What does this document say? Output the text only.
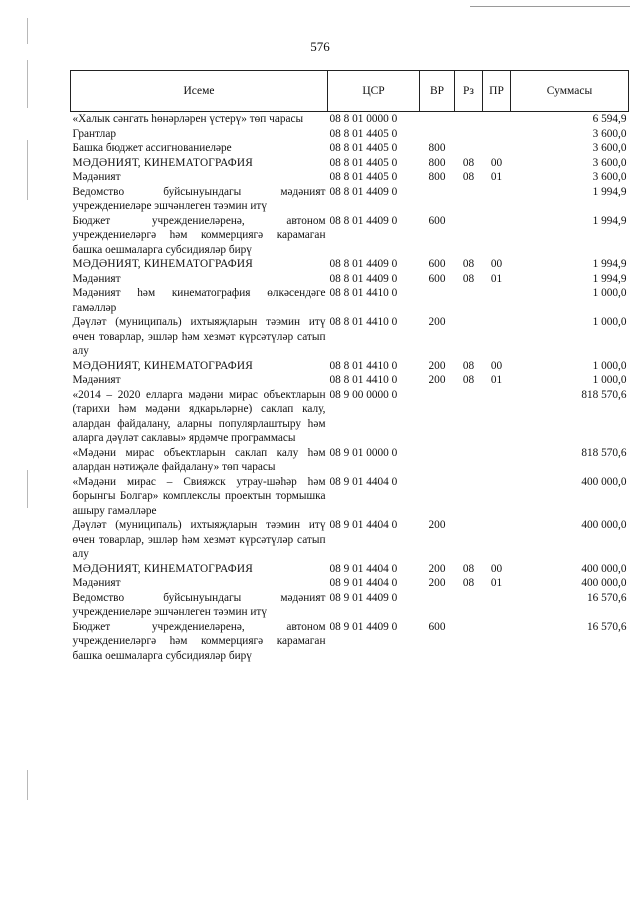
576
Исеме	ЦСР	ВР	Рз	ПР	Суммасы
«Халык сәнгать һөнәрләрен үстерү» төп чарасы	08 8 01 0000 0				6 594,9
Грантлар	08 8 01 4405 0				3 600,0
Башка бюджет ассигнованиеләре	08 8 01 4405 0	800			3 600,0
МӘДӘНИЯТ, КИНЕМАТОГРАФИЯ	08 8 01 4405 0	800	08	00	3 600,0
Мәдәният	08 8 01 4405 0	800	08	01	3 600,0
Ведомство буйсынуындагы мәдәният учреждениеләре эшчәнлеген тәэмин итү	08 8 01 4409 0				1 994,9
Бюджет учреждениеләренә, автоном учреждениеләргә һәм коммерциягә карамаган башка оешмаларга субсидияләр бирү	08 8 01 4409 0	600			1 994,9
МӘДӘНИЯТ, КИНЕМАТОГРАФИЯ	08 8 01 4409 0	600	08	00	1 994,9
Мәдәният	08 8 01 4409 0	600	08	01	1 994,9
Мәдәният һәм кинематография өлкәсендәге гамәлләр	08 8 01 4410 0				1 000,0
Дәүләт (муниципаль) ихтыяҗларын тәэмин итү өчен товарлар, эшләр һәм хезмәт күрсәтүләр сатып алу	08 8 01 4410 0	200			1 000,0
МӘДӘНИЯТ, КИНЕМАТОГРАФИЯ	08 8 01 4410 0	200	08	00	1 000,0
Мәдәният	08 8 01 4410 0	200	08	01	1 000,0
«2014 – 2020 елларга мәдәни мирас объектларын (тарихи һәм мәдәни ядкарьләрне) саклап калу, алардан файдалану, аларны популярлаштыру һәм аларга дәүләт саклавы» ярдәмче программасы	08 9 00 0000 0				818 570,6
«Мәдәни мирас объектларын саклап калу һәм алардан нәтиҗәле файдалану» төп чарасы	08 9 01 0000 0				818 570,6
«Мәдәни мирас – Свияжск утрау-шәһәр һәм борынгы Болгар» комплекслы проектын тормышка ашыру гамәлләре	08 9 01 4404 0				400 000,0
Дәүләт (муниципаль) ихтыяҗларын тәэмин итү өчен товарлар, эшләр һәм хезмәт күрсәтүләр сатып алу	08 9 01 4404 0	200			400 000,0
МӘДӘНИЯТ, КИНЕМАТОГРАФИЯ	08 9 01 4404 0	200	08	00	400 000,0
Мәдәният	08 9 01 4404 0	200	08	01	400 000,0
Ведомство буйсынуындагы мәдәният учреждениеләре эшчәнлеген тәэмин итү	08 9 01 4409 0				16 570,6
Бюджет учреждениеләренә, автоном учреждениеләргә һәм коммерциягә карамаган башка оешмаларга субсидияләр бирү	08 9 01 4409 0	600			16 570,6
